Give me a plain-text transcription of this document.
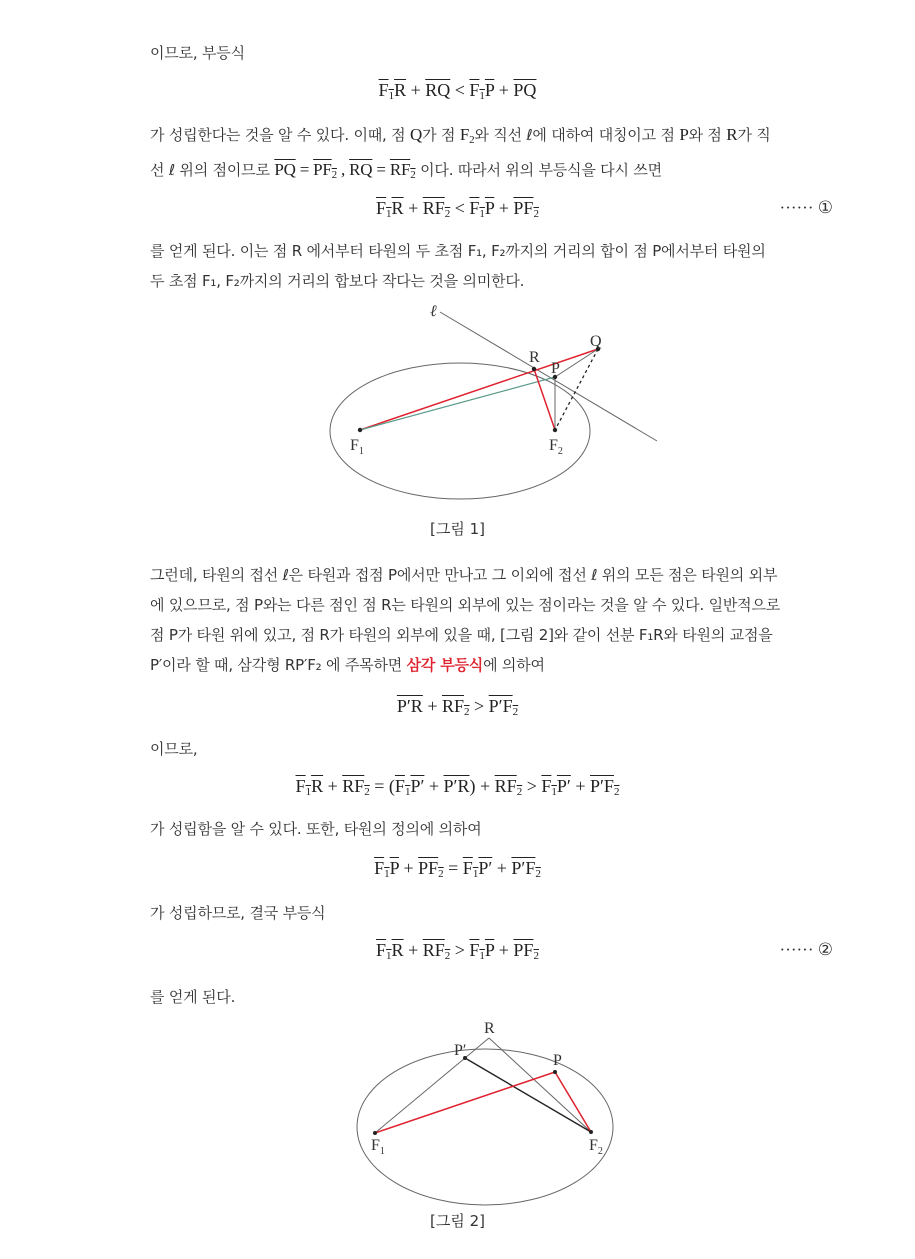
이므로, 부등식
$F_1R + \overline{RQ} < F_1P + \overline{PQ}$
가 성립한다는 것을 알 수 있다. 이때, 점 Q가 점 $F_2$와 직선 ℓ에 대하여 대칭이고 점 P와 점 R가 직
선 ℓ 위의 점이므로 $\overline{PQ} = PF_2$ , $\overline{RQ} = RF_2$ 이다. 따라서 위의 부등식을 다시 쓰면
$F_1R + RF_2 < F_1P + PF_2$	······ ①
를 얻게 된다. 이는 점 R 에서부터 타원의 두 초점 F₁, F₂까지의 거리의 합이 점 P에서부터 타원의
두 초점 F₁, F₂까지의 거리의 합보다 작다는 것을 의미한다.
ℓ
R
Q
P
$F_1$	$F_2$
[그림 1]
그런데, 타원의 접선 ℓ은 타원과 접점 P에서만 만나고 그 이외에 접선 ℓ 위의 모든 점은 타원의 외부
에 있으므로, 점 P와는 다른 점인 점 R는 타원의 외부에 있는 점이라는 것을 알 수 있다. 일반적으로
점 P가 타원 위에 있고, 점 R가 타원의 외부에 있을 때, [그림 2]와 같이 선분 F₁R와 타원의 교점을
P′이라 할 때, 삼각형 RP′F₂ 에 주목하면 삼각 부등식에 의하여
$P'R + RF_2 > P'F_2$
이므로,
$F_1R + RF_2 = (F_1P' + P'R) + RF_2 > F_1P' + P'F_2$
가 성립함을 알 수 있다. 또한, 타원의 정의에 의하여
$F_1P + PF_2 = F_1P' + P'F_2$
가 성립하므로, 결국 부등식
$F_1R + RF_2 > F_1P + PF_2$	······ ②
를 얻게 된다.
R
P′
P
$F_1$	$F_2$
[그림 2]
